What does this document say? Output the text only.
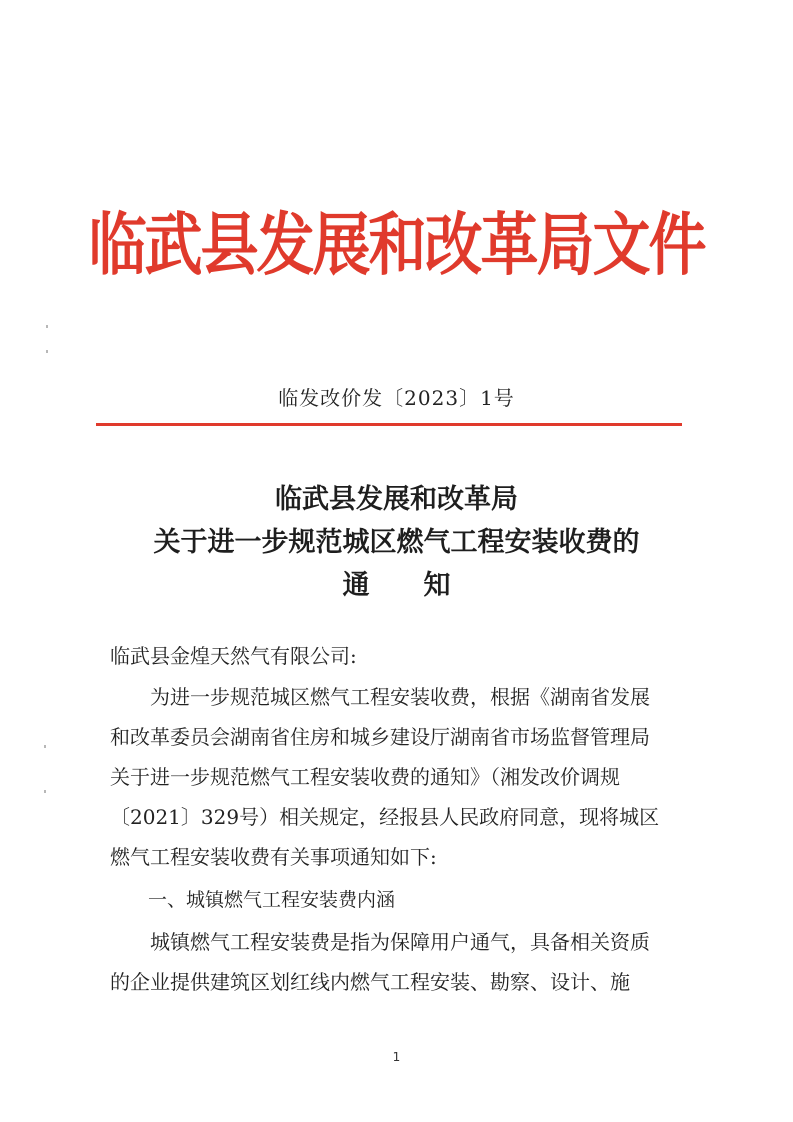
临武县发展和改革局文件
临发改价发〔2023〕1号
临武县发展和改革局
关于进一步规范城区燃气工程安装收费的
通　　知
临武县金煌天然气有限公司:
为进一步规范城区燃气工程安装收费，根据《湖南省发展
和改革委员会湖南省住房和城乡建设厅湖南省市场监督管理局
关于进一步规范燃气工程安装收费的通知》（湘发改价调规
〔2021〕329号）相关规定，经报县人民政府同意，现将城区
燃气工程安装收费有关事项通知如下:
一、城镇燃气工程安装费内涵
城镇燃气工程安装费是指为保障用户通气，具备相关资质
的企业提供建筑区划红线内燃气工程安装、勘察、设计、施
1
